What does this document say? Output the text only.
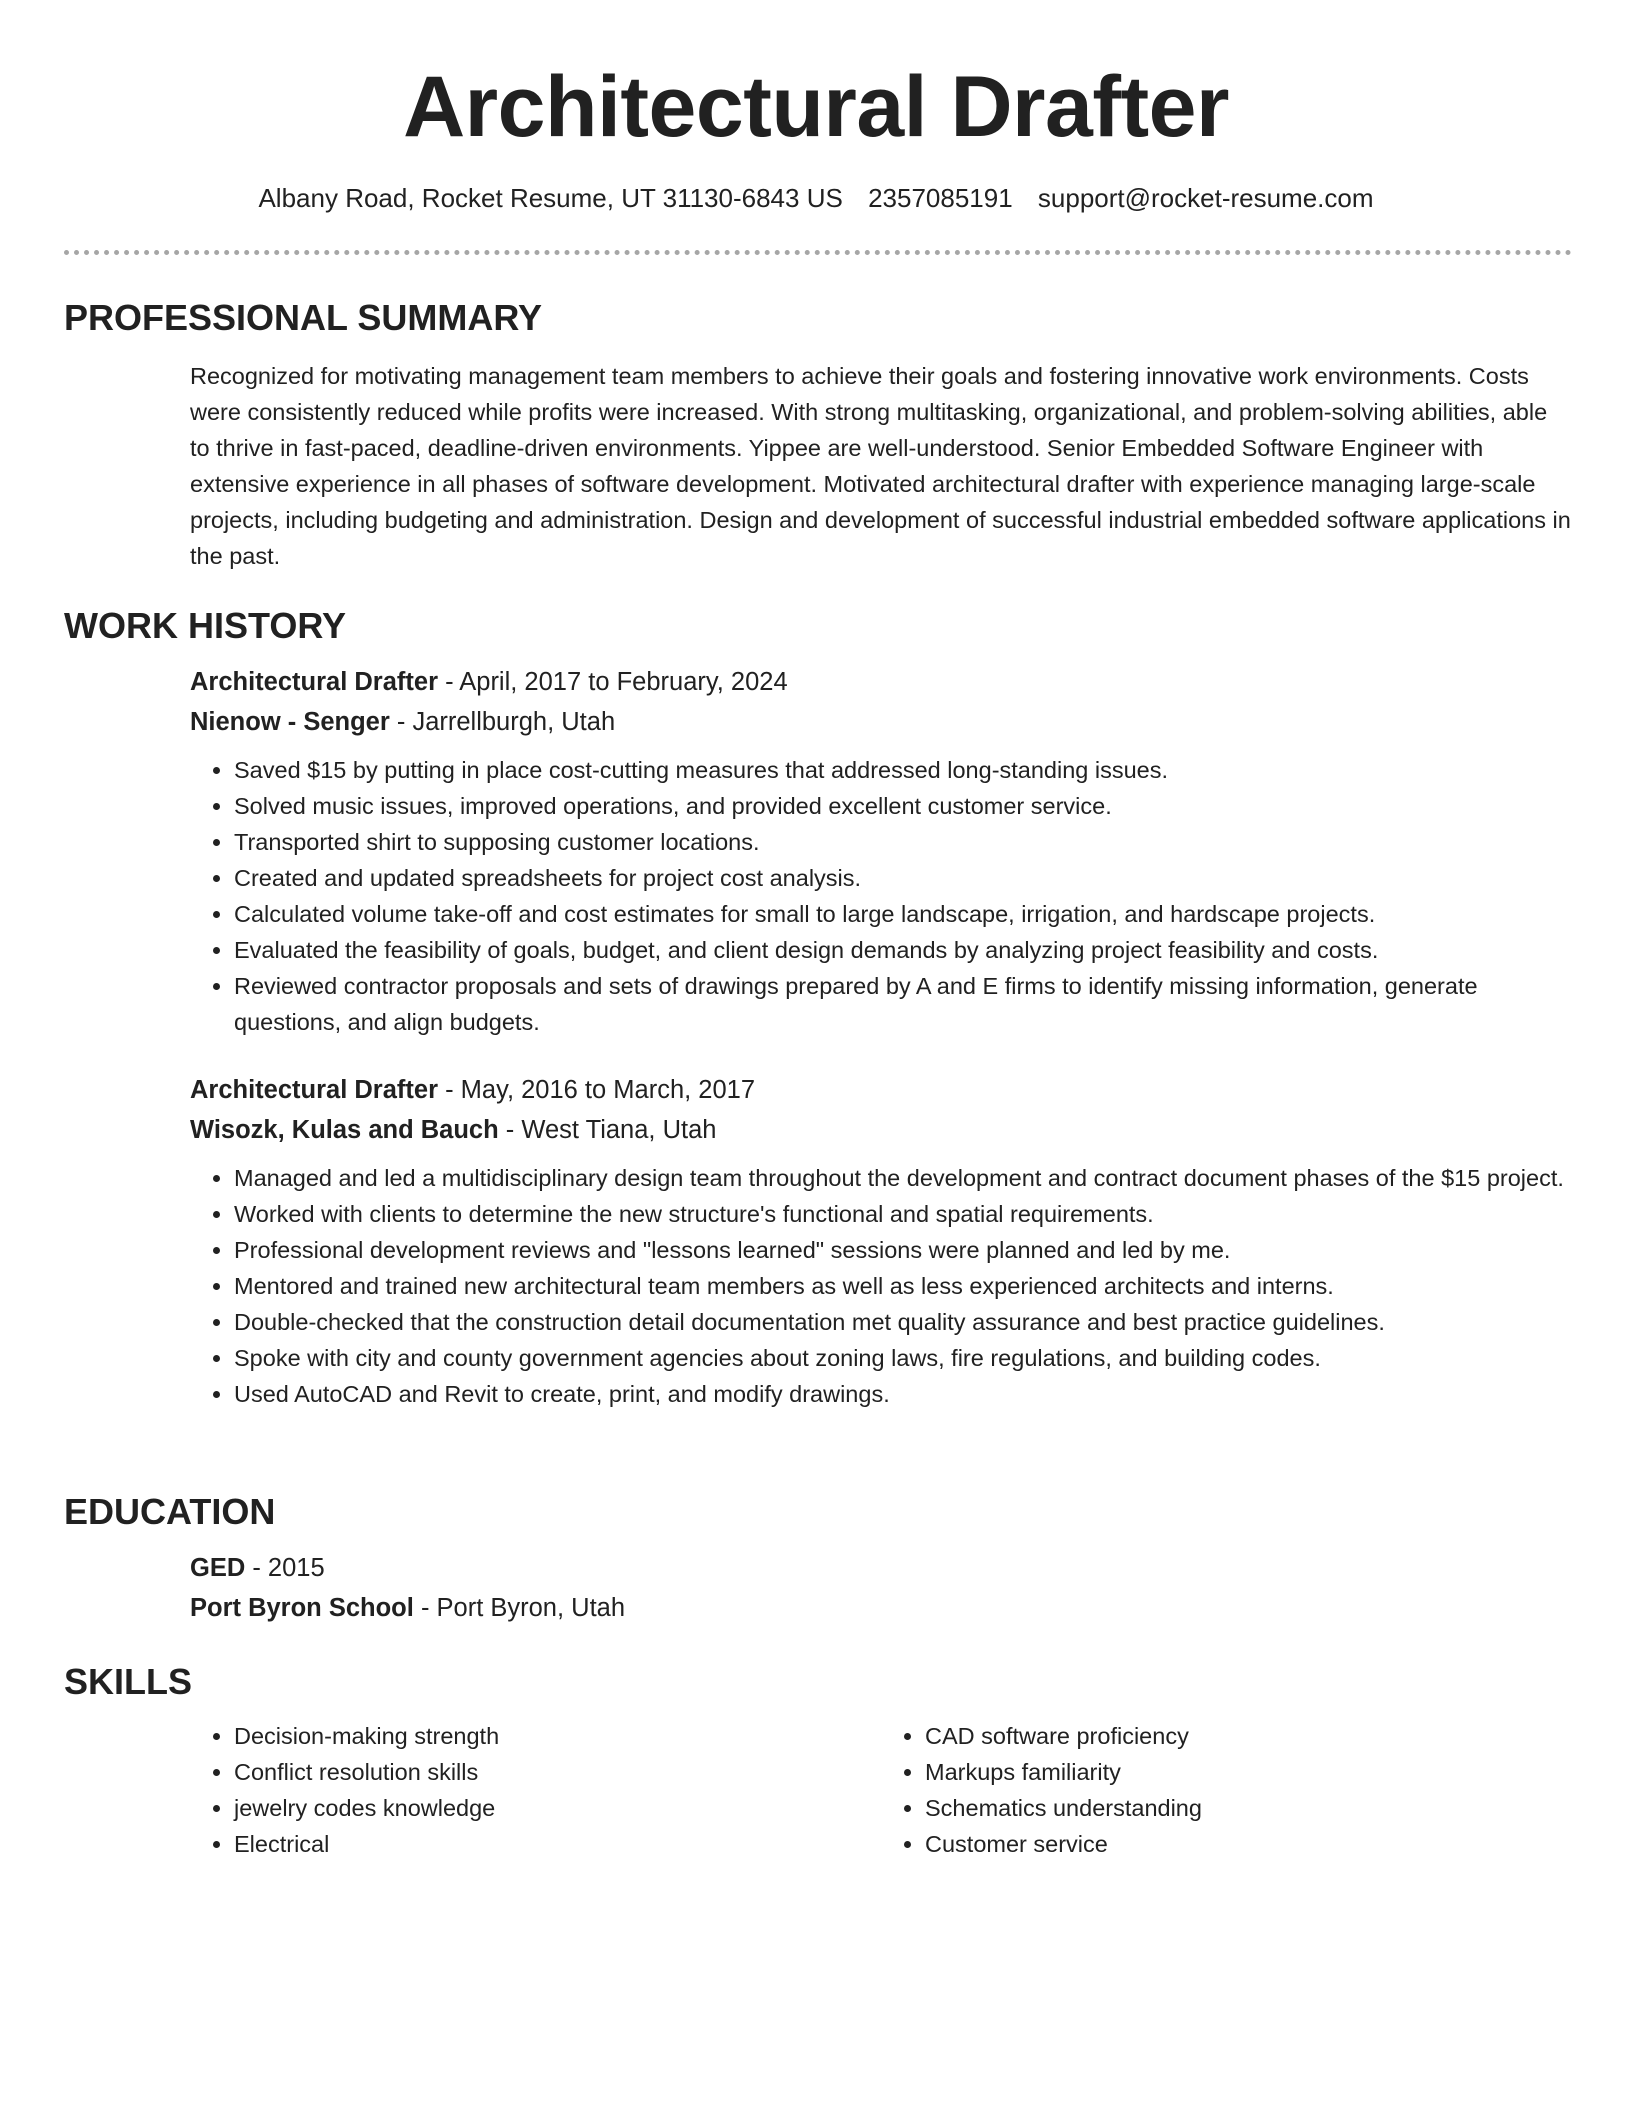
Architectural Drafter
Albany Road, Rocket Resume, UT 31130-6843 US 2357085191 support@rocket-resume.com
PROFESSIONAL SUMMARY

Recognized for motivating management team members to achieve their goals and fostering innovative work environments. Costs were consistently reduced while profits were increased. With strong multitasking, organizational, and problem-solving abilities, able to thrive in fast-paced, deadline-driven environments. Yippee are well-understood. Senior Embedded Software Engineer with extensive experience in all phases of software development. Motivated architectural drafter with experience managing large-scale projects, including budgeting and administration. Design and development of successful industrial embedded software applications in the past.

WORK HISTORY
Architectural Drafter - April, 2017 to February, 2024
Nienow - Senger - Jarrellburgh, Utah
• Saved $15 by putting in place cost-cutting measures that addressed long-standing issues.
• Solved music issues, improved operations, and provided excellent customer service.
• Transported shirt to supposing customer locations.
• Created and updated spreadsheets for project cost analysis.
• Calculated volume take-off and cost estimates for small to large landscape, irrigation, and hardscape projects.
• Evaluated the feasibility of goals, budget, and client design demands by analyzing project feasibility and costs.
• Reviewed contractor proposals and sets of drawings prepared by A and E firms to identify missing information, generate questions, and align budgets.
Architectural Drafter - May, 2016 to March, 2017
Wisozk, Kulas and Bauch - West Tiana, Utah
• Managed and led a multidisciplinary design team throughout the development and contract document phases of the $15 project.
• Worked with clients to determine the new structure's functional and spatial requirements.
• Professional development reviews and "lessons learned" sessions were planned and led by me.
• Mentored and trained new architectural team members as well as less experienced architects and interns.
• Double-checked that the construction detail documentation met quality assurance and best practice guidelines.
• Spoke with city and county government agencies about zoning laws, fire regulations, and building codes.
• Used AutoCAD and Revit to create, print, and modify drawings.
EDUCATION
GED - 2015
Port Byron School - Port Byron, Utah
SKILLS
• Decision-making strength
• Conflict resolution skills
• jewelry codes knowledge
• Electrical
• CAD software proficiency
• Markups familiarity
• Schematics understanding
• Customer service
